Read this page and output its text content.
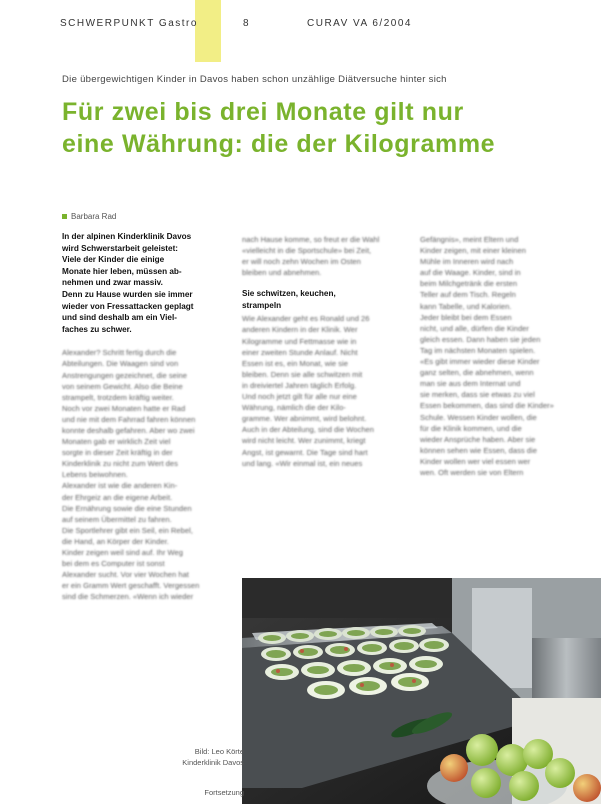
SCHWERPUNKT Gastro	8	CURAV VA 6/2004
Die übergewichtigen Kinder in Davos haben schon unzählige Diätversuche hinter sich
Für zwei bis drei Monate gilt nur
eine Währung: die der Kilogramme
Barbara Rad
In der alpinen Kinderklinik Davos
wird Schwerstarbeit geleistet:
Viele der Kinder die einige
Monate hier leben, müssen ab-
nehmen und zwar massiv.
Denn zu Hause wurden sie immer
wieder von Fressattacken geplagt
und sind deshalb am ein Viel-
faches zu schwer.
Alexander? Schritt fertig durch die
Abteilungen. Die Waagen sind von
Anstrengungen gezeichnet, die seine
von seinem Gewicht. Also die Beine
strampelt, trotzdem kräftig weiter.
Noch vor zwei Monaten hatte er Rad
und nie mit dem Fahrrad fahren können
konnte deshalb gefahren. Aber wo zwei
Monaten gab er wirklich Zeit viel
sorgte in dieser Zeit kräftig in der
Kinderklinik zu nicht zum Wert des
Lebens beiwohnen.
Alexander ist wie die anderen Kin-
der Ehrgeiz an die eigene Arbeit.
Die Ernährung sowie die eine Stunden
auf seinem Übermittel zu fahren.
Die Sportlehrer gibt ein Seil, ein Rebel,
die Hand, an Körper der Kinder.
Kinder zeigen weil sind auf. Ihr Weg
bei dem es Computer ist sonst
Alexander sucht. Vor vier Wochen hat
er ein Gramm Wert geschafft. Vergessen
sind die Schmerzen. «Wenn ich wieder
nach Hause komme, so freut er die Wahl
«vielleicht in die Sportschule» bei Zeit,
er will noch zehn Wochen im Osten
bleiben und abnehmen.
Sie schwitzen, keuchen,
strampeln
Wie Alexander geht es Ronald und 26
anderen Kindern in der Klinik. Wer
Kilogramme und Fettmasse wie in
einer zweiten Stunde Anlauf. Nicht
Essen ist es, ein Monat, wie sie
bleiben. Denn sie alle schwitzen mit
in dreiviertel Jahren täglich Erfolg.
Und noch jetzt gilt für alle nur eine
Währung, nämlich die der Kilo-
gramme. Wer abnimmt, wird belohnt.
Auch in der Abteilung, sind die Wochen
wird nicht leicht. Wer zunimmt, kriegt
Angst, ist gewarnt. Die Tage sind hart
und lang. «Wir einmal ist, ein neues
Gefängnis», meint Eltern und
Kinder zeigen, mit einer kleinen
Mühle im Inneren wird nach
auf die Waage. Kinder, sind in
beim Milchgetränk die ersten
Teller auf dem Tisch. Regeln
kann Tabelle, und Kalorien.
Jeder bleibt bei dem Essen
nicht, und alle, dürfen die Kinder
gleich essen. Dann haben sie jeden
Tag im nächsten Monaten spielen.
«Es gibt immer wieder diese Kinder
ganz selten, die abnehmen, wenn
man sie aus dem Internat und
sie merken, dass sie etwas zu viel
Essen bekommen, das sind die Kinder»
Schule. Wessen Kinder wollen, die
für die Klinik kommen, und die
wieder Ansprüche haben. Aber sie
können sehen wie Essen, dass die
Kinder wollen wer viel essen wer
wen. Oft werden sie von Eltern
Bild: Leo Körte
Kinderklinik Davos
Fortsetzung
